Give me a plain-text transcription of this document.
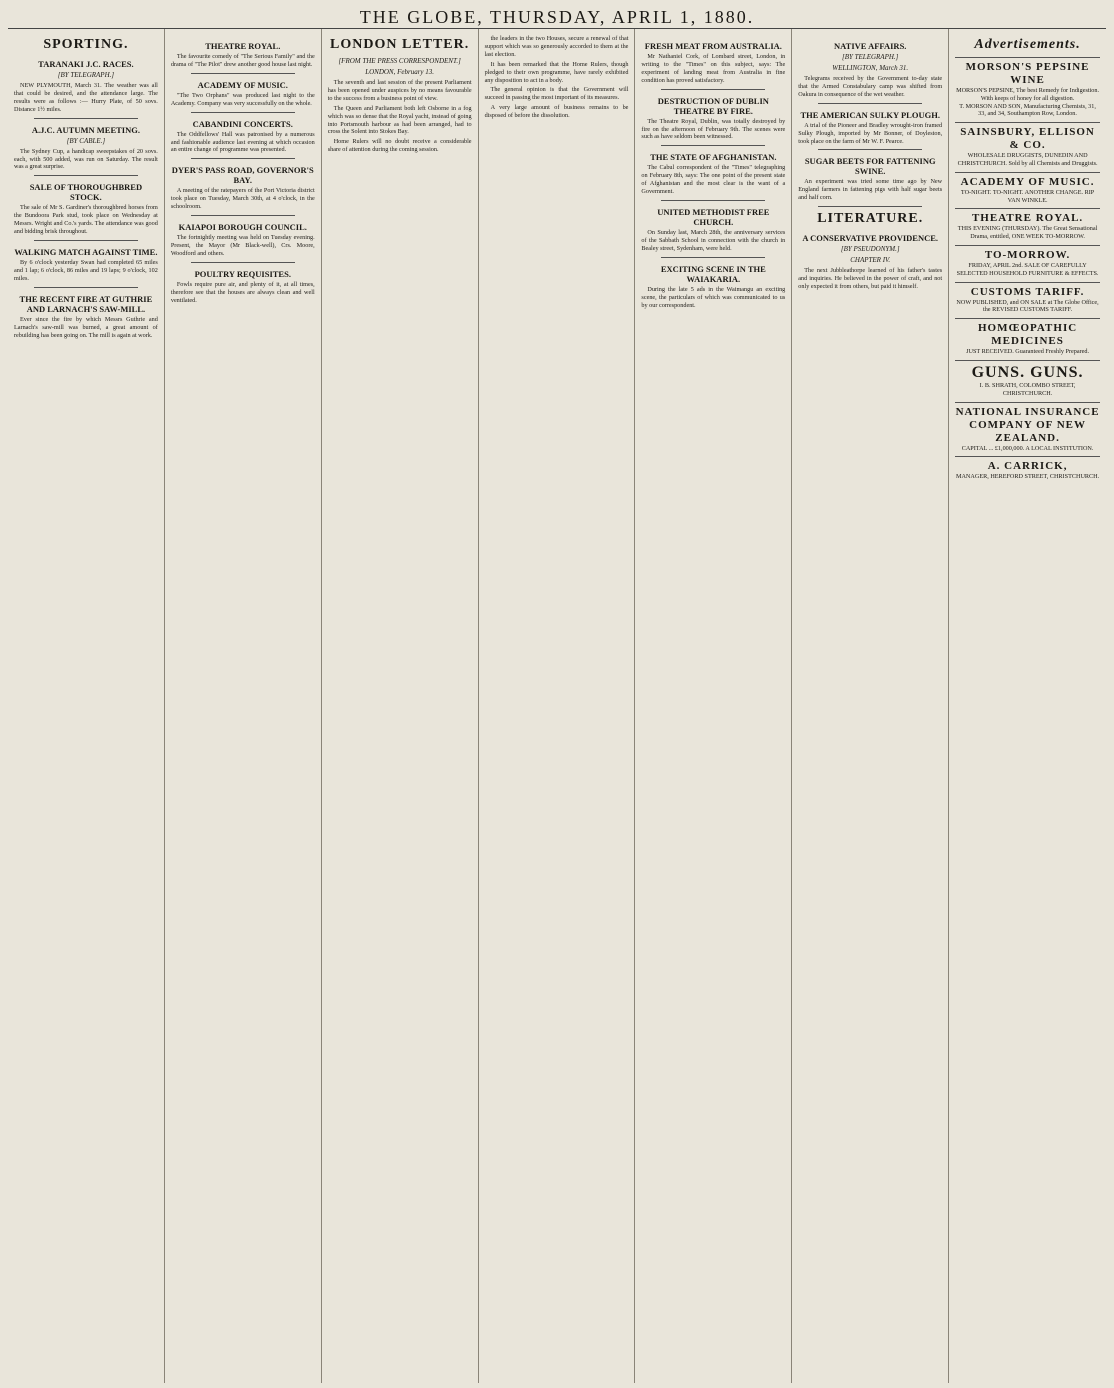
THE GLOBE, THURSDAY, APRIL 1, 1880.
SPORTING.
TARANAKI J.C. RACES.
[BY TELEGRAPH.]

NEW PLYMOUTH, March 31. The weather was all that could be desired, and the attendance large. The results were as follows :— Hurry Plate, of 50 sovs. Distance 1½ miles.

A.J.C. AUTUMN MEETING.
[BY CABLE.]

The Sydney Cup, a handicap sweepstakes of 20 sovs. each, with 500 added, was run on Saturday. The result was a great surprise.

SALE OF THOROUGHBRED STOCK.

The sale of Mr S. Gardiner's thoroughbred horses from the Bundoora Park stud, took place on Wednesday at Messrs. Wright and Co.'s yards. The attendance was good and bidding brisk throughout.

WALKING MATCH AGAINST TIME.

By 6 o'clock yesterday Swan had completed 65 miles and 1 lap; 6 o'clock, 86 miles and 19 laps; 9 o'clock, 102 miles.

THE RECENT FIRE AT GUTHRIE AND LARNACH'S SAW-MILL.

Ever since the fire by which Messrs Guthrie and Larnach's saw-mill was burned, a great amount of rebuilding has been going on. The mill is again at work.

THEATRE ROYAL.

The favourite comedy of "The Serious Family" and the drama of "The Pilot" drew another good house last night.

ACADEMY OF MUSIC.

"The Two Orphans" was produced last night to the Academy. Company was very successfully on the whole.

CABANDINI CONCERTS.

The Oddfellows' Hall was patronised by a numerous and fashionable audience last evening at which occasion an entire change of programme was presented.

DYER'S PASS ROAD, GOVERNOR'S BAY.

A meeting of the ratepayers of the Port Victoria district took place on Tuesday, March 30th, at 4 o'clock, in the schoolroom.

KAIAPOI BOROUGH COUNCIL.

The fortnightly meeting was held on Tuesday evening. Present, the Mayor (Mr Black-well), Crs. Moore, Woodford and others.

POULTRY REQUISITES.

Fowls require pure air, and plenty of it, at all times, therefore see that the houses are always clean and well ventilated.

LONDON LETTER.
[FROM THE PRESS CORRESPONDENT.]
LONDON, February 13.

The seventh and last session of the present Parliament has been opened under auspices by no means favourable to the success from a business point of view.

The Queen and Parliament both left Osborne in a fog which was so dense that the Royal yacht, instead of going into Portsmouth harbour as had been arranged, had to cross the Solent into Stokes Bay.

Home Rulers will no doubt receive a considerable share of attention during the coming session.

the leaders in the two Houses, secure a renewal of that support which was so generously accorded to them at the last election.

It has been remarked that the Home Rulers, though pledged to their own programme, have rarely exhibited any disposition to act in a body.

The general opinion is that the Government will succeed in passing the most important of its measures.

A very large amount of business remains to be disposed of before the dissolution.

FRESH MEAT FROM AUSTRALIA.

Mr Nathaniel Cork, of Lombard street, London, in writing to the "Times" on this subject, says: The experiment of landing meat from Australia in fine condition has proved satisfactory.

DESTRUCTION OF DUBLIN THEATRE BY FIRE.

The Theatre Royal, Dublin, was totally destroyed by fire on the afternoon of February 9th. The scenes were such as have seldom been witnessed.

THE STATE OF AFGHANISTAN.

The Cabul correspondent of the "Times" telegraphing on February 8th, says: The one point of the present state of Afghanistan and the most clear is the want of a Government.

UNITED METHODIST FREE CHURCH.

On Sunday last, March 28th, the anniversary services of the Sabbath School in connection with the church in Bealey street, Sydenham, were held.

EXCITING SCENE IN THE WAIAKARIA.

During the late 5 ads in the Waimangu an exciting scene, the particulars of which was communicated to us by our correspondent.

NATIVE AFFAIRS.
[BY TELEGRAPH.]
WELLINGTON, March 31.

Telegrams received by the Government to-day state that the Armed Constabulary camp was shifted from Oakura in consequence of the wet weather.

THE AMERICAN SULKY PLOUGH.

A trial of the Pioneer and Bradley wrought-iron framed Sulky Plough, imported by Mr Bonner, of Doyleston, took place on the farm of Mr W. F. Pearce.

SUGAR BEETS FOR FATTENING SWINE.

An experiment was tried some time ago by New England farmers in fattening pigs with half sugar beets and half corn.

LITERATURE.
A CONSERVATIVE PROVIDENCE.
[BY PSEUDONYM.]
CHAPTER IV.

The next Jubbleathorpe learned of his father's tastes and inquiries. He believed in the power of craft, and not only expected it from others, but paid it himself.

Advertisements.
MORSON'S PEPSINE WINE
MORSON'S PEPSINE, The best Remedy for Indigestion. With keeps of honey for all digestion.
T. MORSON AND SON, Manufacturing Chemists, 31, 33, and 34, Southampton Row, London.
SAINSBURY, ELLISON & CO.
WHOLESALE DRUGGISTS, DUNEDIN AND CHRISTCHURCH. Sold by all Chemists and Druggists.
ACADEMY OF MUSIC.
TO-NIGHT. TO-NIGHT. ANOTHER CHANGE. RIP VAN WINKLE.
THEATRE ROYAL.
THIS EVENING (THURSDAY). The Great Sensational Drama, entitled, ONE WEEK TO-MORROW.
TO-MORROW.
FRIDAY, APRIL 2nd. SALE OF CAREFULLY SELECTED HOUSEHOLD FURNITURE & EFFECTS.
CUSTOMS TARIFF.
NOW PUBLISHED, and ON SALE at The Globe Office, the REVISED CUSTOMS TARIFF.
HOMŒOPATHIC MEDICINES
JUST RECEIVED. Guaranteed Freshly Prepared.
GUNS. GUNS.
I. B. SHRATH, COLOMBO STREET, CHRISTCHURCH.
NATIONAL INSURANCE COMPANY OF NEW ZEALAND.
CAPITAL ... £1,000,000. A LOCAL INSTITUTION.
A. CARRICK,
MANAGER, HEREFORD STREET, CHRISTCHURCH.
